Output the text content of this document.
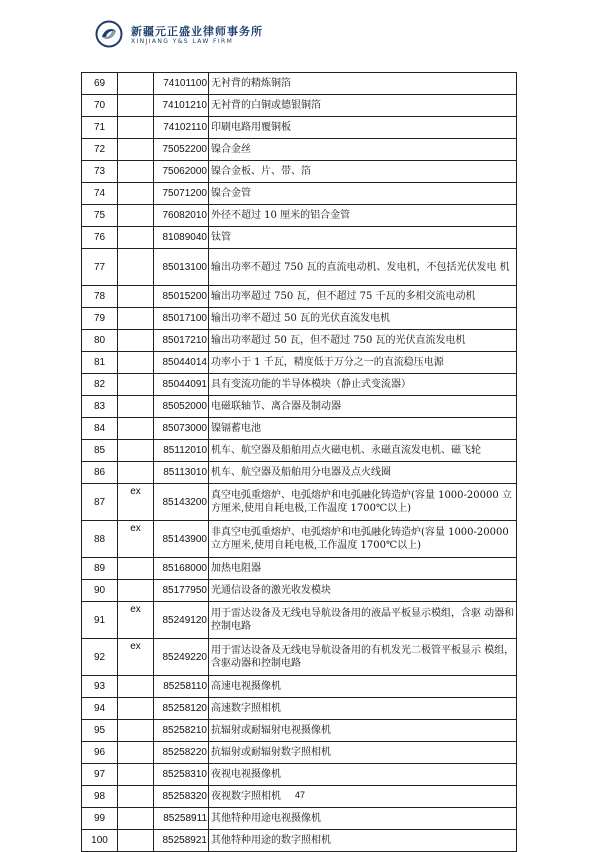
新疆元正盛业律师事务所
XINJIANG Y&S LAW FIRM
69		74101100	无衬背的精炼铜箔
70		74101210	无衬背的白铜或德银铜箔
71		74102110	印刷电路用覆铜板
72		75052200	镍合金丝
73		75062000	镍合金板、片、带、箔
74		75071200	镍合金管
75		76082010	外径不超过 10 厘米的铝合金管
76		81089040	钛管
77		85013100	输出功率不超过 750 瓦的直流电动机、发电机，不包括光伏发电 机
78		85015200	输出功率超过 750 瓦，但不超过 75 千瓦的多相交流电动机
79		85017100	输出功率不超过 50 瓦的光伏直流发电机
80		85017210	输出功率超过 50 瓦，但不超过 750 瓦的光伏直流发电机
81		85044014	功率小于 1 千瓦，精度低于万分之一的直流稳压电源
82		85044091	具有变流功能的半导体模块（静止式变流器）
83		85052000	电磁联轴节、离合器及制动器
84		85073000	镍镉蓄电池
85		85112010	机车、航空器及船舶用点火磁电机、永磁直流发电机、磁飞轮
86		85113010	机车、航空器及船舶用分电器及点火线圈
87	ex	85143200	真空电弧重熔炉、电弧熔炉和电弧融化铸造炉(容量 1000-20000 立方厘米,使用自耗电极,工作温度 1700℃以上)
88	ex	85143900	非真空电弧重熔炉、电弧熔炉和电弧融化铸造炉(容量 1000-20000 立方厘米,使用自耗电极,工作温度 1700℃以上)
89		85168000	加热电阻器
90		85177950	光通信设备的激光收发模块
91	ex	85249120	用于雷达设备及无线电导航设备用的液晶平板显示模组，含驱 动器和控制电路
92	ex	85249220	用于雷达设备及无线电导航设备用的有机发光二极管平板显示 模组，含驱动器和控制电路
93		85258110	高速电视摄像机
94		85258120	高速数字照相机
95		85258210	抗辐射或耐辐射电视摄像机
96		85258220	抗辐射或耐辐射数字照相机
97		85258310	夜视电视摄像机
98		85258320	夜视数字照相机
99		85258911	其他特种用途电视摄像机
100		85258921	其他特种用途的数字照相机
47
